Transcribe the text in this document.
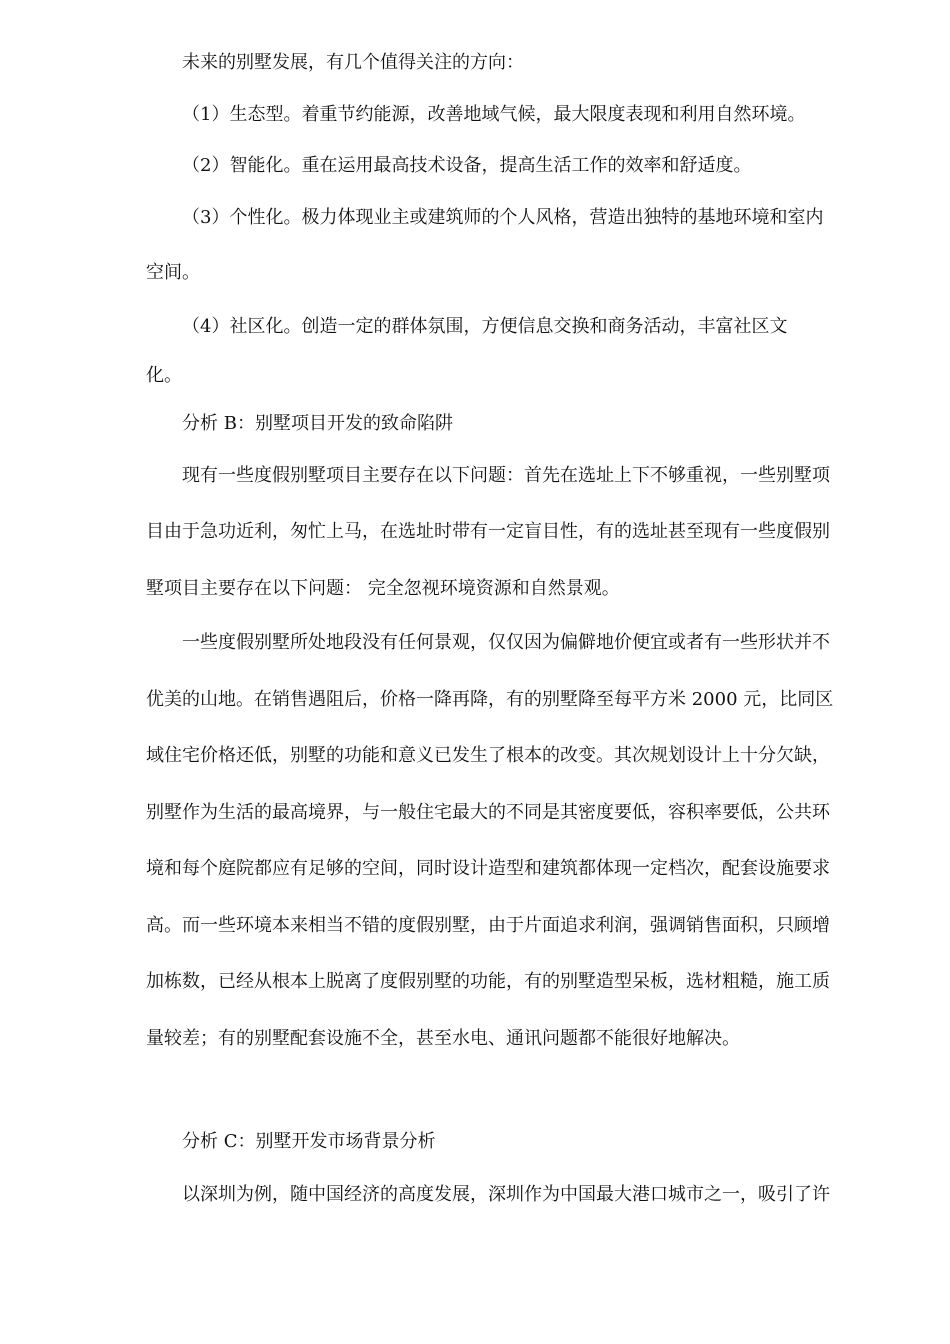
未来的别墅发展，有几个值得关注的方向：
（1）生态型。着重节约能源，改善地域气候，最大限度表现和利用自然环境。
（2）智能化。重在运用最高技术设备，提高生活工作的效率和舒适度。
（3）个性化。极力体现业主或建筑师的个人风格，营造出独特的基地环境和室内
空间。
（4）社区化。创造一定的群体氛围，方便信息交换和商务活动，丰富社区文
化。
分析 B：别墅项目开发的致命陷阱
现有一些度假别墅项目主要存在以下问题：首先在选址上下不够重视，一些别墅项
目由于急功近利，匆忙上马，在选址时带有一定盲目性，有的选址甚至现有一些度假别
墅项目主要存在以下问题： 完全忽视环境资源和自然景观。
一些度假别墅所处地段没有任何景观，仅仅因为偏僻地价便宜或者有一些形状并不
优美的山地。在销售遇阻后，价格一降再降，有的别墅降至每平方米 2000 元，比同区
域住宅价格还低，别墅的功能和意义已发生了根本的改变。其次规划设计上十分欠缺，
别墅作为生活的最高境界，与一般住宅最大的不同是其密度要低，容积率要低，公共环
境和每个庭院都应有足够的空间，同时设计造型和建筑都体现一定档次，配套设施要求
高。而一些环境本来相当不错的度假别墅，由于片面追求利润，强调销售面积，只顾增
加栋数，已经从根本上脱离了度假别墅的功能，有的别墅造型呆板，选材粗糙，施工质
量较差；有的别墅配套设施不全，甚至水电、通讯问题都不能很好地解决。
分析 C：别墅开发市场背景分析
以深圳为例，随中国经济的高度发展，深圳作为中国最大港口城市之一，吸引了许
